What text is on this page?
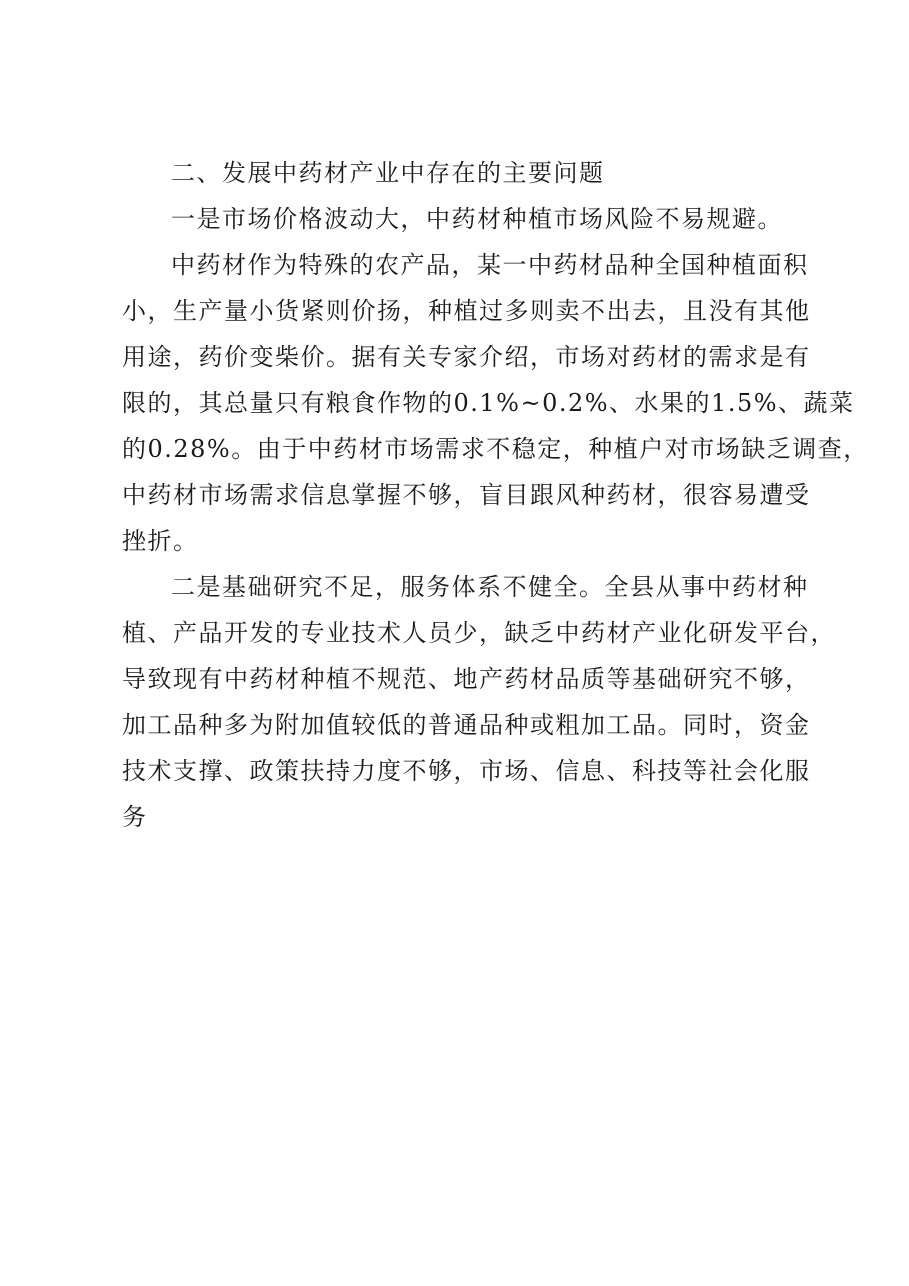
二、发展中药材产业中存在的主要问题
一是市场价格波动大，中药材种植市场风险不易规避。
中药材作为特殊的农产品，某一中药材品种全国种植面积
小，生产量小货紧则价扬，种植过多则卖不出去，且没有其他
用途，药价变柴价。据有关专家介绍，市场对药材的需求是有
限的，其总量只有粮食作物的0.1%~0.2%、水果的1.5%、蔬菜
的0.28%。由于中药材市场需求不稳定，种植户对市场缺乏调查，
中药材市场需求信息掌握不够，盲目跟风种药材，很容易遭受
挫折。
二是基础研究不足，服务体系不健全。全县从事中药材种
植、产品开发的专业技术人员少，缺乏中药材产业化研发平台，
导致现有中药材种植不规范、地产药材品质等基础研究不够，
加工品种多为附加值较低的普通品种或粗加工品。同时，资金
技术支撑、政策扶持力度不够，市场、信息、科技等社会化服
务
